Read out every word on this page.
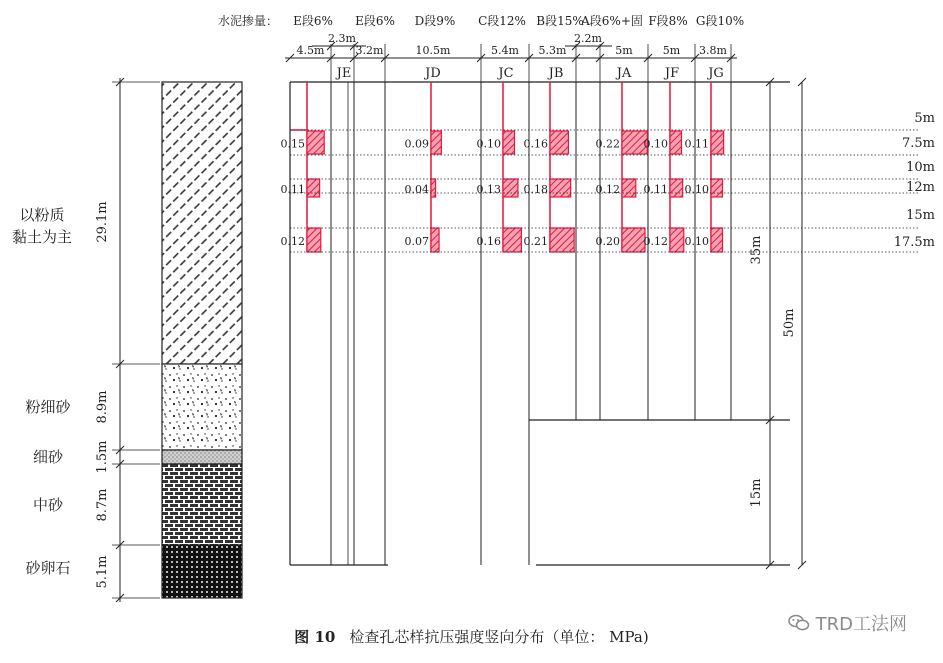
水泥掺量： E段6% E段6% D段9% C段12% B段15%
A段6%+固 F段8% G段10%
2.3m	2.2m
4.5m	3.2m	10.5m	5.4m 5.3m	5m	5m 3.8m
以粉质
黏土为主
粉细砂
细砂
中砂
砂卵石
29.1m
8.9m
1.5m
8.7m
5.1m
JE	JD	JC	JB	JA	JF JG
0.15	0.09	0.10 0.16	0.22 0.10 0.11
0.11	0.04	0.13 0.18	0.12 0.11 0.10
0.12	0.07	0.16 0.21	0.20 0.12 0.10
5m
7.5m
10m
12m
15m
17.5m
35m
50m
15m
图 10 检查孔芯样抗压强度竖向分布（单位： MPa)
TRD工法网
